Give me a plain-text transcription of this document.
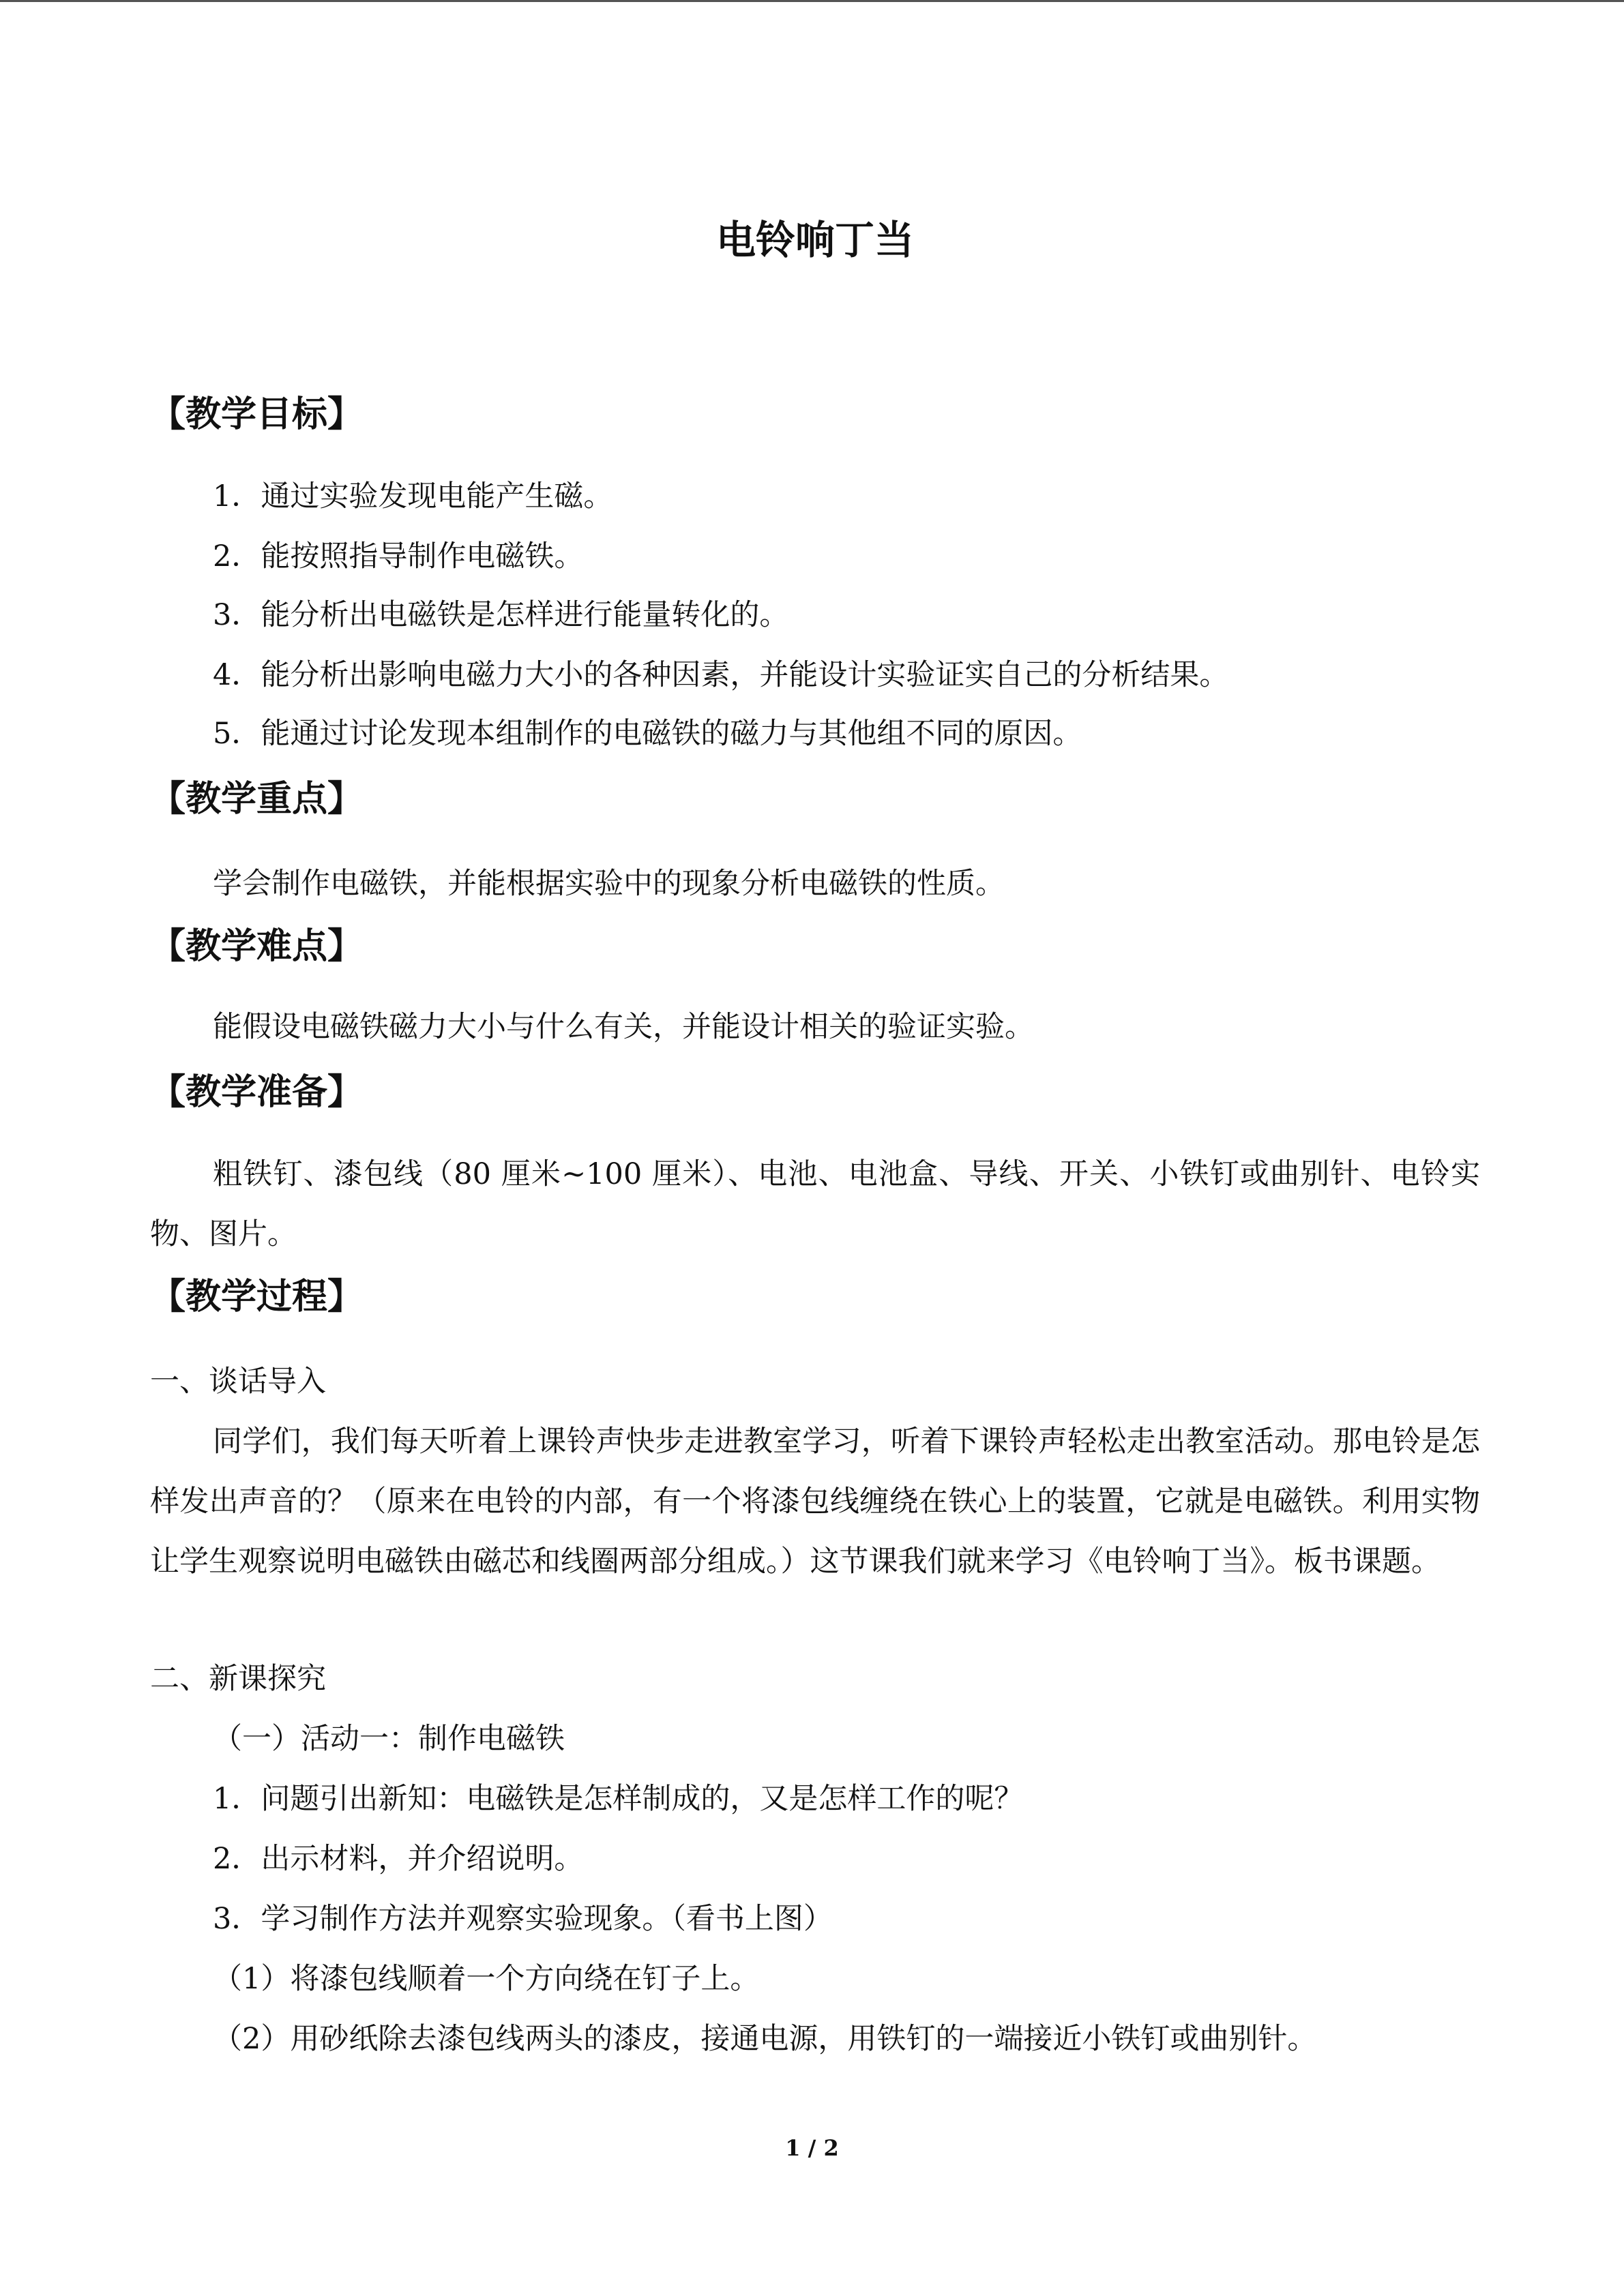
电铃响丁当
【教学目标】
1．通过实验发现电能产生磁。
2．能按照指导制作电磁铁。
3．能分析出电磁铁是怎样进行能量转化的。
4．能分析出影响电磁力大小的各种因素，并能设计实验证实自己的分析结果。
5．能通过讨论发现本组制作的电磁铁的磁力与其他组不同的原因。
【教学重点】
学会制作电磁铁，并能根据实验中的现象分析电磁铁的性质。
【教学难点】
能假设电磁铁磁力大小与什么有关，并能设计相关的验证实验。
【教学准备】
粗铁钉、漆包线（80 厘米~100 厘米）、电池、电池盒、导线、开关、小铁钉或曲别针、电铃实物、图片。
【教学过程】
一、谈话导入
同学们，我们每天听着上课铃声快步走进教室学习，听着下课铃声轻松走出教室活动。那电铃是怎样发出声音的？（原来在电铃的内部，有一个将漆包线缠绕在铁心上的装置，它就是电磁铁。利用实物让学生观察说明电磁铁由磁芯和线圈两部分组成。）这节课我们就来学习《电铃响丁当》。板书课题。
二、新课探究
（一）活动一：制作电磁铁
1．问题引出新知：电磁铁是怎样制成的，又是怎样工作的呢？
2．出示材料，并介绍说明。
3．学习制作方法并观察实验现象。（看书上图）
（1）将漆包线顺着一个方向绕在钉子上。
（2）用砂纸除去漆包线两头的漆皮，接通电源，用铁钉的一端接近小铁钉或曲别针。
1 / 2
